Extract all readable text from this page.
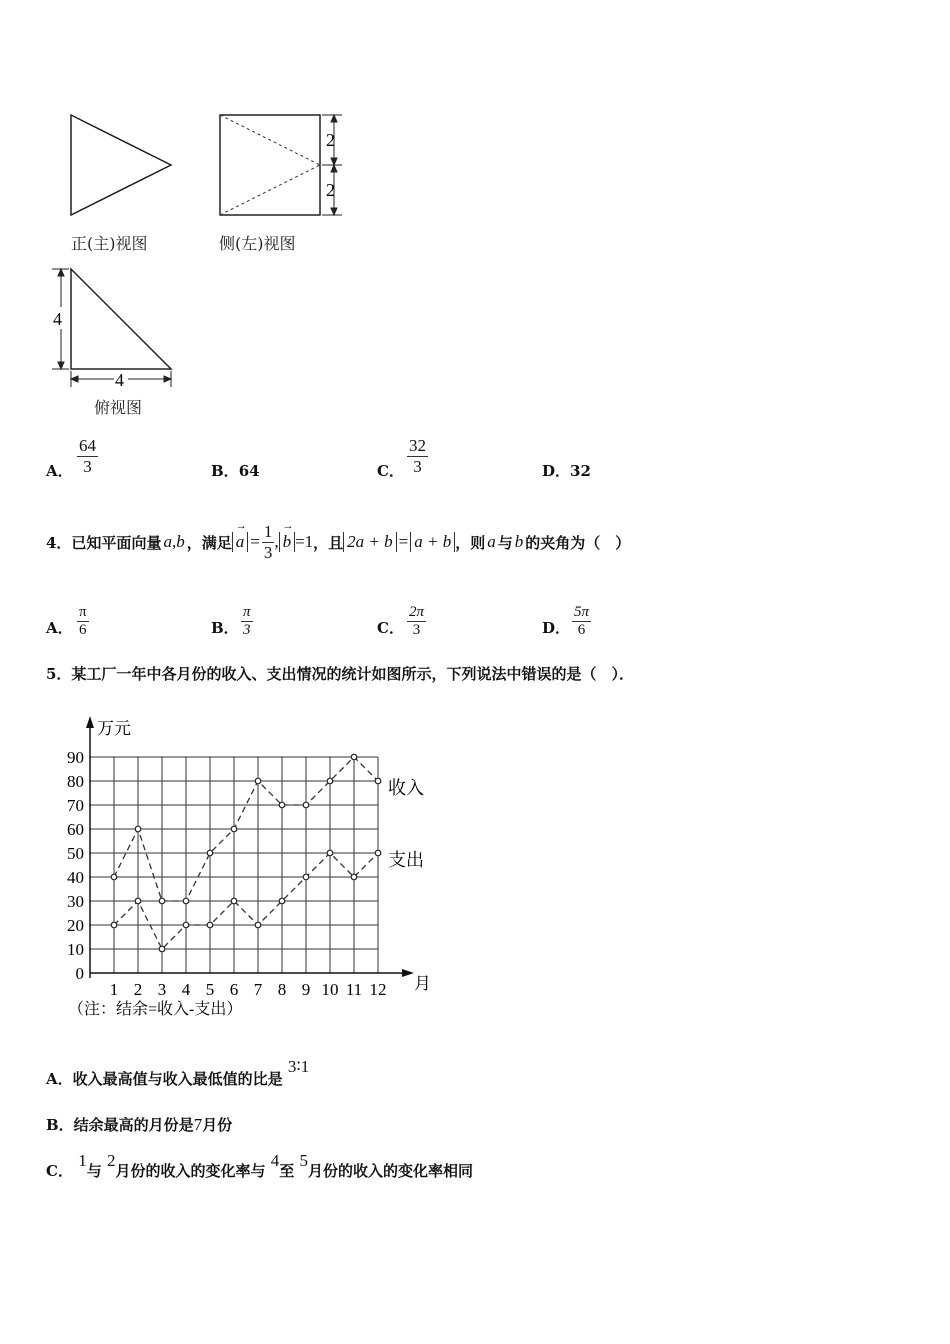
2
2
4
4
正(主)视图	侧(左)视图
俯视图
A． $\frac{64}{3}$	B．64	C． $\frac{32}{3}$	D．32
4．已知平面向量 a,b ，满足
→
$a = \frac{1}{3}$ ,
→
b =1 ，且 2a + b = a + b ，则 a 与 b 的夹角为（　）
A． $\frac{\pi}{6}$	B． $\frac{\pi}{3}$	C． $\frac{2\pi}{3}$	D． $\frac{5\pi}{6}$
5．某工厂一年中各月份的收入、支出情况的统计如图所示，下列说法中错误的是（　）．
0
10
20
30
40
50
60
70
80
90
1 2 3 4 5 6 7 8 9 10 11 12
收入
支出
万元
月
（注：结余=收入-支出）
A．收入最高值与收入最低值的比是 3∶1
B．结余最高的月份是7月份
C． 1与 2月份的收入的变化率与 4至 5月份的收入的变化率相同
